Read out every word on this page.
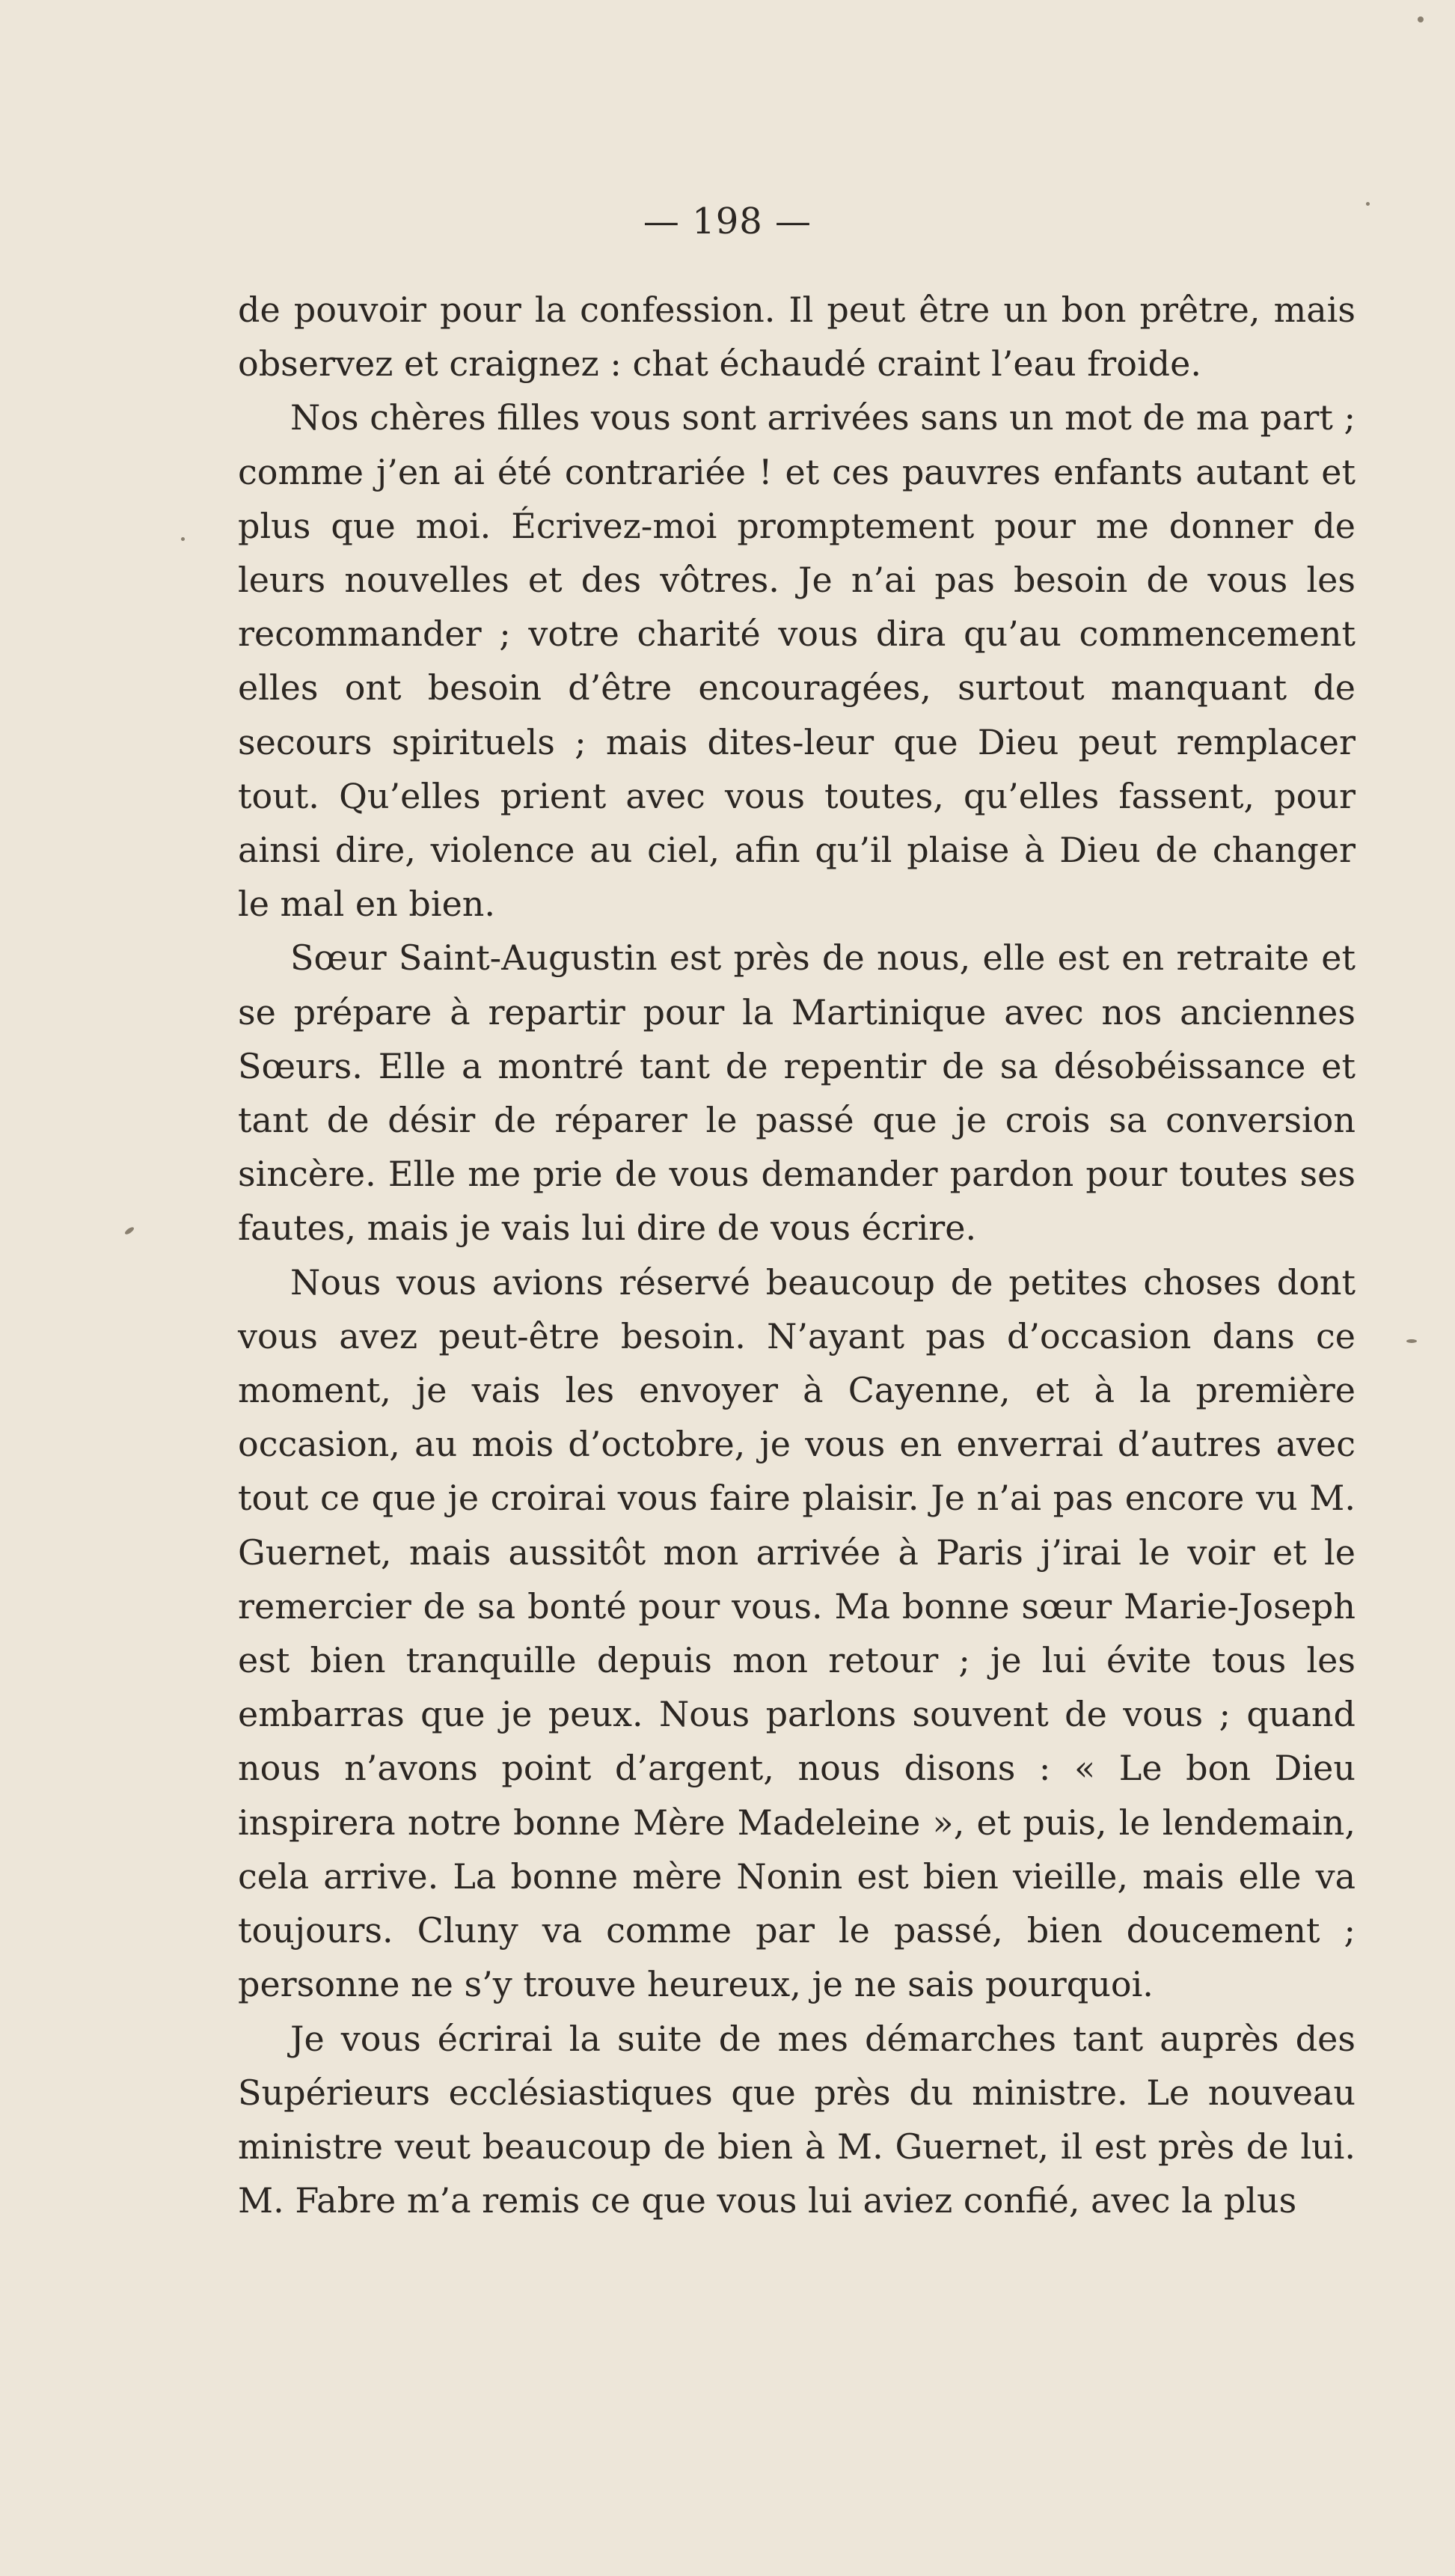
— 198 —

de pouvoir pour la confession. Il peut être un bon prêtre, mais observez et craignez : chat échaudé craint l’eau froide.

Nos chères filles vous sont arrivées sans un mot de ma part ; comme j’en ai été contrariée ! et ces pauvres enfants autant et plus que moi. Écrivez-moi promptement pour me donner de leurs nouvelles et des vôtres. Je n’ai pas besoin de vous les recommander ; votre charité vous dira qu’au commencement elles ont besoin d’être encouragées, surtout manquant de secours spirituels ; mais dites-leur que Dieu peut remplacer tout. Qu’elles prient avec vous toutes, qu’elles fassent, pour ainsi dire, violence au ciel, afin qu’il plaise à Dieu de changer le mal en bien.

Sœur Saint-Augustin est près de nous, elle est en retraite et se prépare à repartir pour la Martinique avec nos anciennes Sœurs. Elle a montré tant de repentir de sa désobéissance et tant de désir de réparer le passé que je crois sa conversion sincère. Elle me prie de vous demander pardon pour toutes ses fautes, mais je vais lui dire de vous écrire.

Nous vous avions réservé beaucoup de petites choses dont vous avez peut-être besoin. N’ayant pas d’occasion dans ce moment, je vais les envoyer à Cayenne, et à la première occasion, au mois d’octobre, je vous en enverrai d’autres avec tout ce que je croirai vous faire plaisir. Je n’ai pas encore vu M. Guernet, mais aussitôt mon arrivée à Paris j’irai le voir et le remercier de sa bonté pour vous. Ma bonne sœur Marie-Joseph est bien tranquille depuis mon retour ; je lui évite tous les embarras que je peux. Nous parlons souvent de vous ; quand nous n’avons point d’argent, nous disons : « Le bon Dieu inspirera notre bonne Mère Madeleine », et puis, le lendemain, cela arrive. La bonne mère Nonin est bien vieille, mais elle va toujours. Cluny va comme par le passé, bien doucement ; personne ne s’y trouve heureux, je ne sais pourquoi.

Je vous écrirai la suite de mes démarches tant auprès des Supérieurs ecclésiastiques que près du ministre. Le nouveau ministre veut beaucoup de bien à M. Guernet, il est près de lui. M. Fabre m’a remis ce que vous lui aviez confié, avec la plus
